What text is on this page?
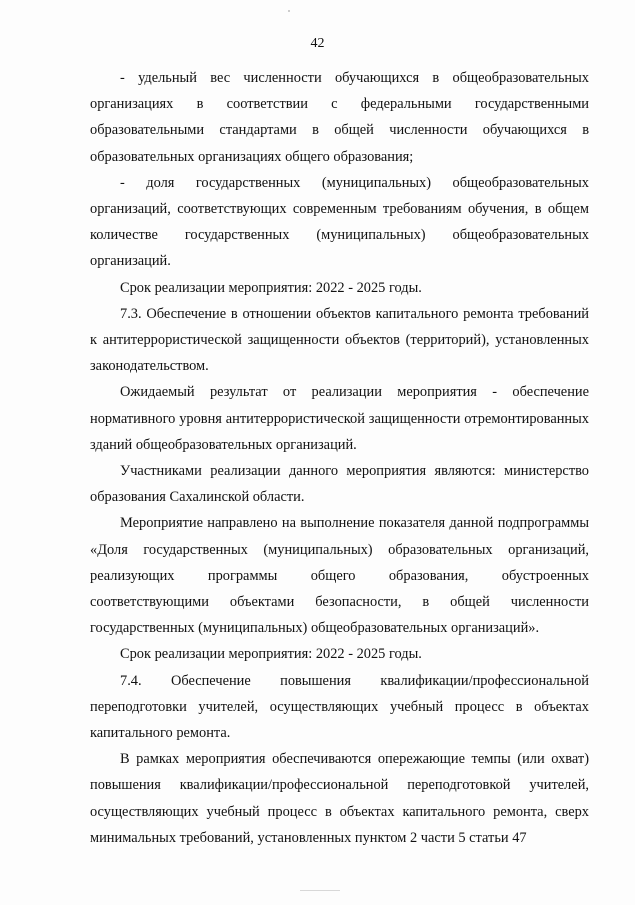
42

- удельный вес численности обучающихся в общеобразовательных организациях в соответствии с федеральными государственными образовательными стандартами в общей численности обучающихся в образовательных организациях общего образования;

- доля государственных (муниципальных) общеобразовательных организаций, соответствующих современным требованиям обучения, в общем количестве государственных (муниципальных) общеобразовательных организаций.

Срок реализации мероприятия: 2022 - 2025 годы.

7.3. Обеспечение в отношении объектов капитального ремонта требований к антитеррористической защищенности объектов (территорий), установленных законодательством.

Ожидаемый результат от реализации мероприятия - обеспечение нормативного уровня антитеррористической защищенности отремонтированных зданий общеобразовательных организаций.

Участниками реализации данного мероприятия являются: министерство образования Сахалинской области.

Мероприятие направлено на выполнение показателя данной подпрограммы «Доля государственных (муниципальных) образовательных организаций, реализующих программы общего образования, обустроенных соответствующими объектами безопасности, в общей численности государственных (муниципальных) общеобразовательных организаций».

Срок реализации мероприятия: 2022 - 2025 годы.

7.4. Обеспечение повышения квалификации/профессиональной переподготовки учителей, осуществляющих учебный процесс в объектах капитального ремонта.

В рамках мероприятия обеспечиваются опережающие темпы (или охват) повышения квалификации/профессиональной переподготовкой учителей, осуществляющих учебный процесс в объектах капитального ремонта, сверх минимальных требований, установленных пунктом 2 части 5 статьи 47
